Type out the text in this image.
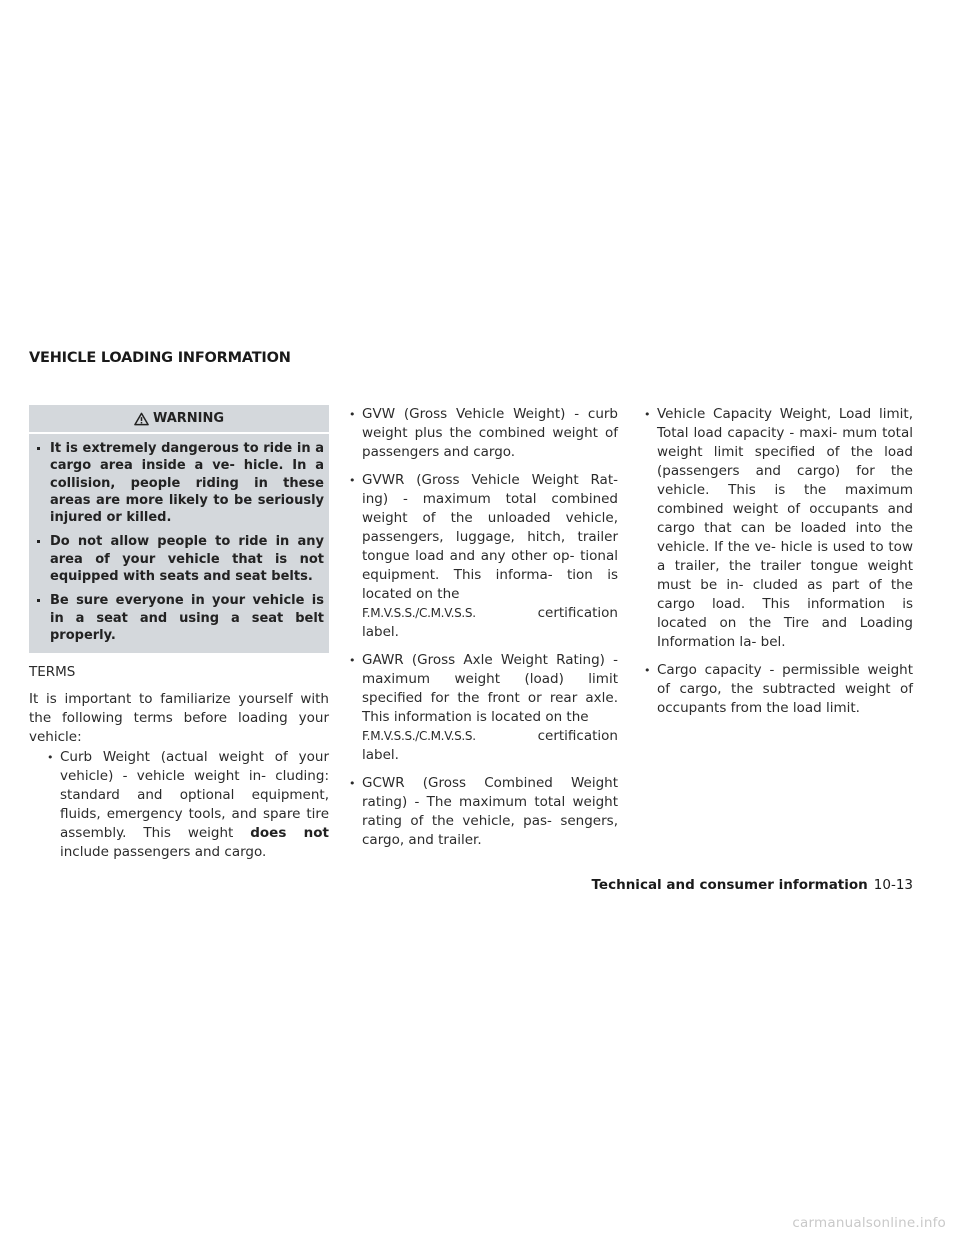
VEHICLE LOADING INFORMATION
WARNING
It is extremely dangerous to ride in a cargo area inside a ve- hicle. In a collision, people riding in these areas are more likely to be seriously injured or killed.
Do not allow people to ride in any area of your vehicle that is not equipped with seats and seat belts.
Be sure everyone in your vehicle is in a seat and using a seat belt properly.

TERMS

It is important to familiarize yourself with the following terms before loading your vehicle:

• Curb Weight (actual weight of your vehicle) - vehicle weight in- cluding: standard and optional equipment, fluids, emergency tools, and spare tire assembly. This weight does not include passengers and cargo.
• GVW (Gross Vehicle Weight) - curb weight plus the combined weight of passengers and cargo.
• GVWR (Gross Vehicle Weight Rat- ing) - maximum total combined weight of the unloaded vehicle, passengers, luggage, hitch, trailer tongue load and any other op- tional equipment. This informa- tion is located on the
F.M.V.S.S./C.M.V.S.S.	certification
label.
• GAWR (Gross Axle Weight Rating) - maximum weight (load) limit specified for the front or rear axle. This information is located on the
F.M.V.S.S./C.M.V.S.S.	certification
label.
• GCWR (Gross Combined Weight rating) - The maximum total weight rating of the vehicle, pas- sengers, cargo, and trailer.
• Vehicle Capacity Weight, Load limit, Total load capacity - maxi- mum total weight limit specified of the load (passengers and cargo) for the vehicle. This is the maximum combined weight of occupants and cargo that can be loaded into the vehicle. If the ve- hicle is used to tow a trailer, the trailer tongue weight must be in- cluded as part of the cargo load. This information is located on the Tire and Loading Information la- bel.
• Cargo capacity - permissible weight of cargo, the subtracted weight of occupants from the load limit.
Technical and consumer information 10-13
carmanualsonline.info
